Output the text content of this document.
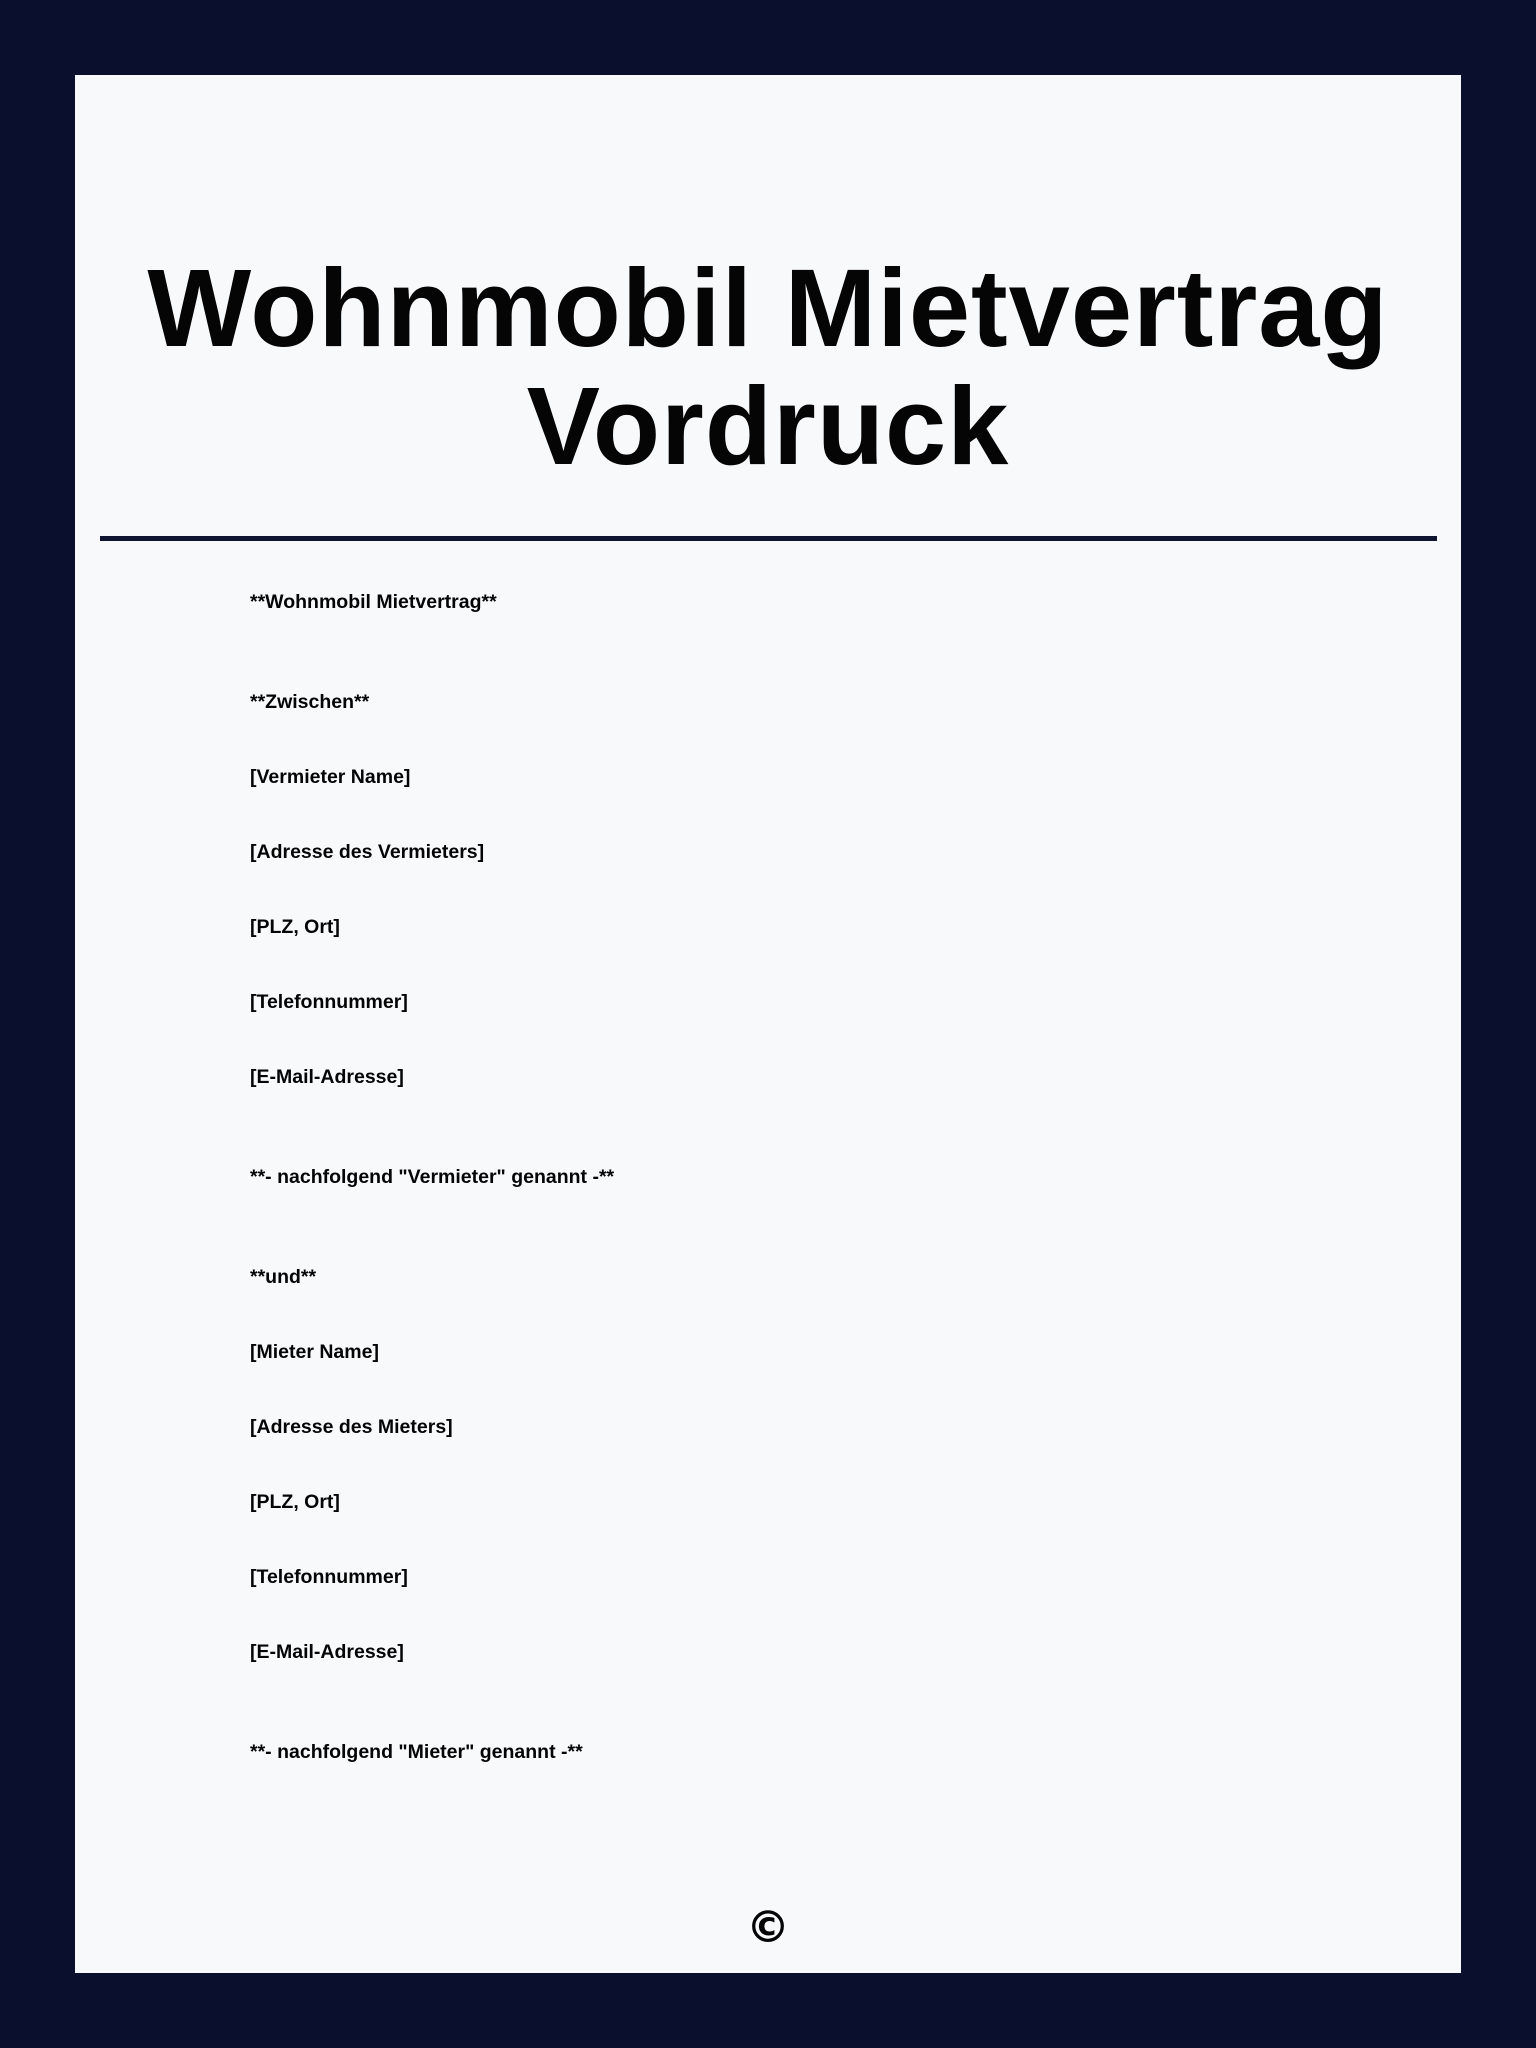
Wohnmobil Mietvertrag Vordruck

**Wohnmobil Mietvertrag**

**Zwischen**

[Vermieter Name]

[Adresse des Vermieters]

[PLZ, Ort]

[Telefonnummer]

[E-Mail-Adresse]

**- nachfolgend "Vermieter" genannt -**

**und**

[Mieter Name]

[Adresse des Mieters]

[PLZ, Ort]

[Telefonnummer]

[E-Mail-Adresse]

**- nachfolgend "Mieter" genannt -**

©
